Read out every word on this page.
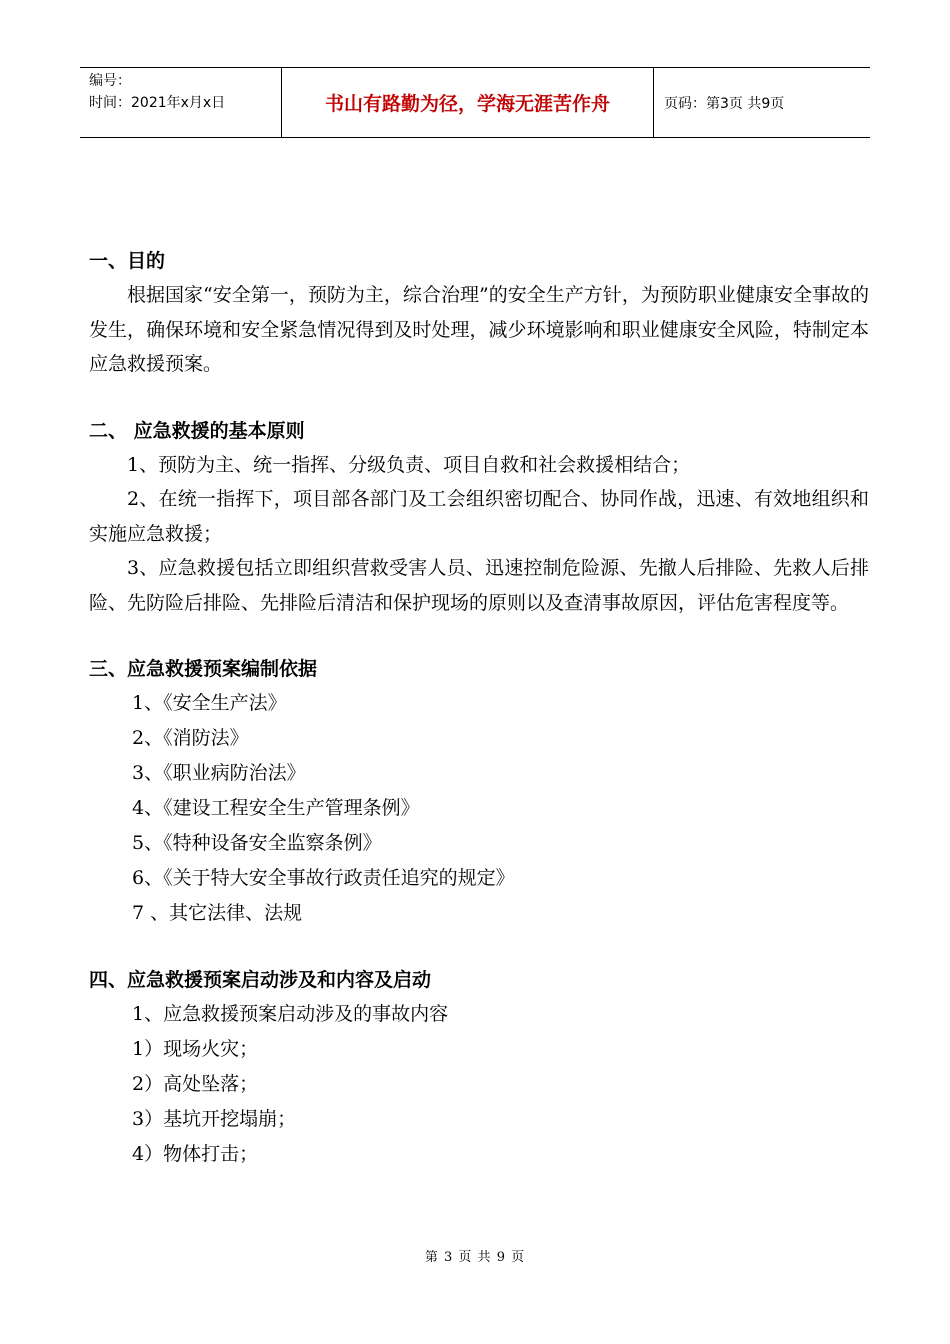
编号：
时间：2021年x月x日	书山有路勤为径，学海无涯苦作舟	页码：第3页 共9页
一、目的
根据国家“安全第一，预防为主，综合治理”的安全生产方针，为预防职业健康安全事故的发生，确保环境和安全紧急情况得到及时处理，减少环境影响和职业健康安全风险，特制定本应急救援预案。
二、 应急救援的基本原则
1、预防为主、统一指挥、分级负责、项目自救和社会救援相结合；
2、在统一指挥下，项目部各部门及工会组织密切配合、协同作战，迅速、有效地组织和实施应急救援；
3、应急救援包括立即组织营救受害人员、迅速控制危险源、先撤人后排险、先救人后排险、先防险后排险、先排险后清洁和保护现场的原则以及查清事故原因，评估危害程度等。
三、应急救援预案编制依据
1、《安全生产法》
2、《消防法》
3、《职业病防治法》
4、《建设工程安全生产管理条例》
5、《特种设备安全监察条例》
6、《关于特大安全事故行政责任追究的规定》
7 、其它法律、法规
四、应急救援预案启动涉及和内容及启动
1、应急救援预案启动涉及的事故内容
1）现场火灾；
2）高处坠落；
3）基坑开挖塌崩；
4）物体打击；
第 3 页 共 9 页
